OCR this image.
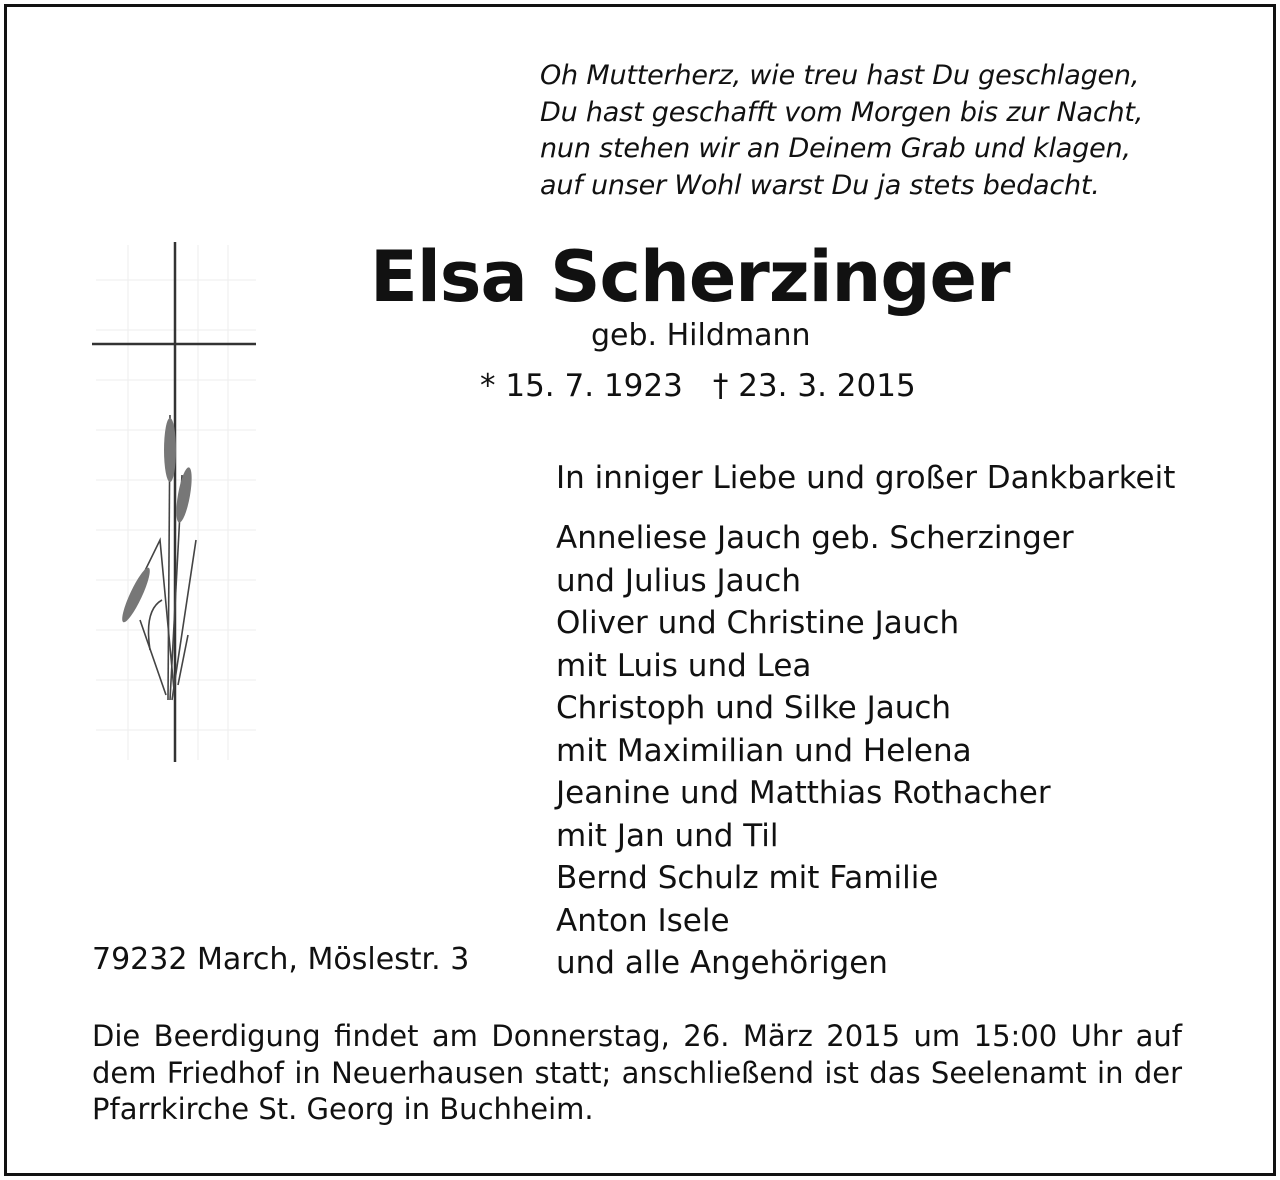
Oh Mutterherz, wie treu hast Du geschlagen,
Du hast geschafft vom Morgen bis zur Nacht,
nun stehen wir an Deinem Grab und klagen,
auf unser Wohl warst Du ja stets bedacht.
Elsa Scherzinger
geb. Hildmann
* 15. 7. 1923 † 23. 3. 2015
In inniger Liebe und großer Dankbarkeit
Anneliese Jauch geb. Scherzinger
und Julius Jauch
Oliver und Christine Jauch
mit Luis und Lea
Christoph und Silke Jauch
mit Maximilian und Helena
Jeanine und Matthias Rothacher
mit Jan und Til
Bernd Schulz mit Familie
Anton Isele
und alle Angehörigen
79232 March, Möslestr. 3
Die Beerdigung findet am Donnerstag, 26. März 2015 um 15:00 Uhr auf dem Friedhof in Neuerhausen statt; anschließend ist das Seelenamt in der Pfarrkirche St. Georg in Buchheim.
